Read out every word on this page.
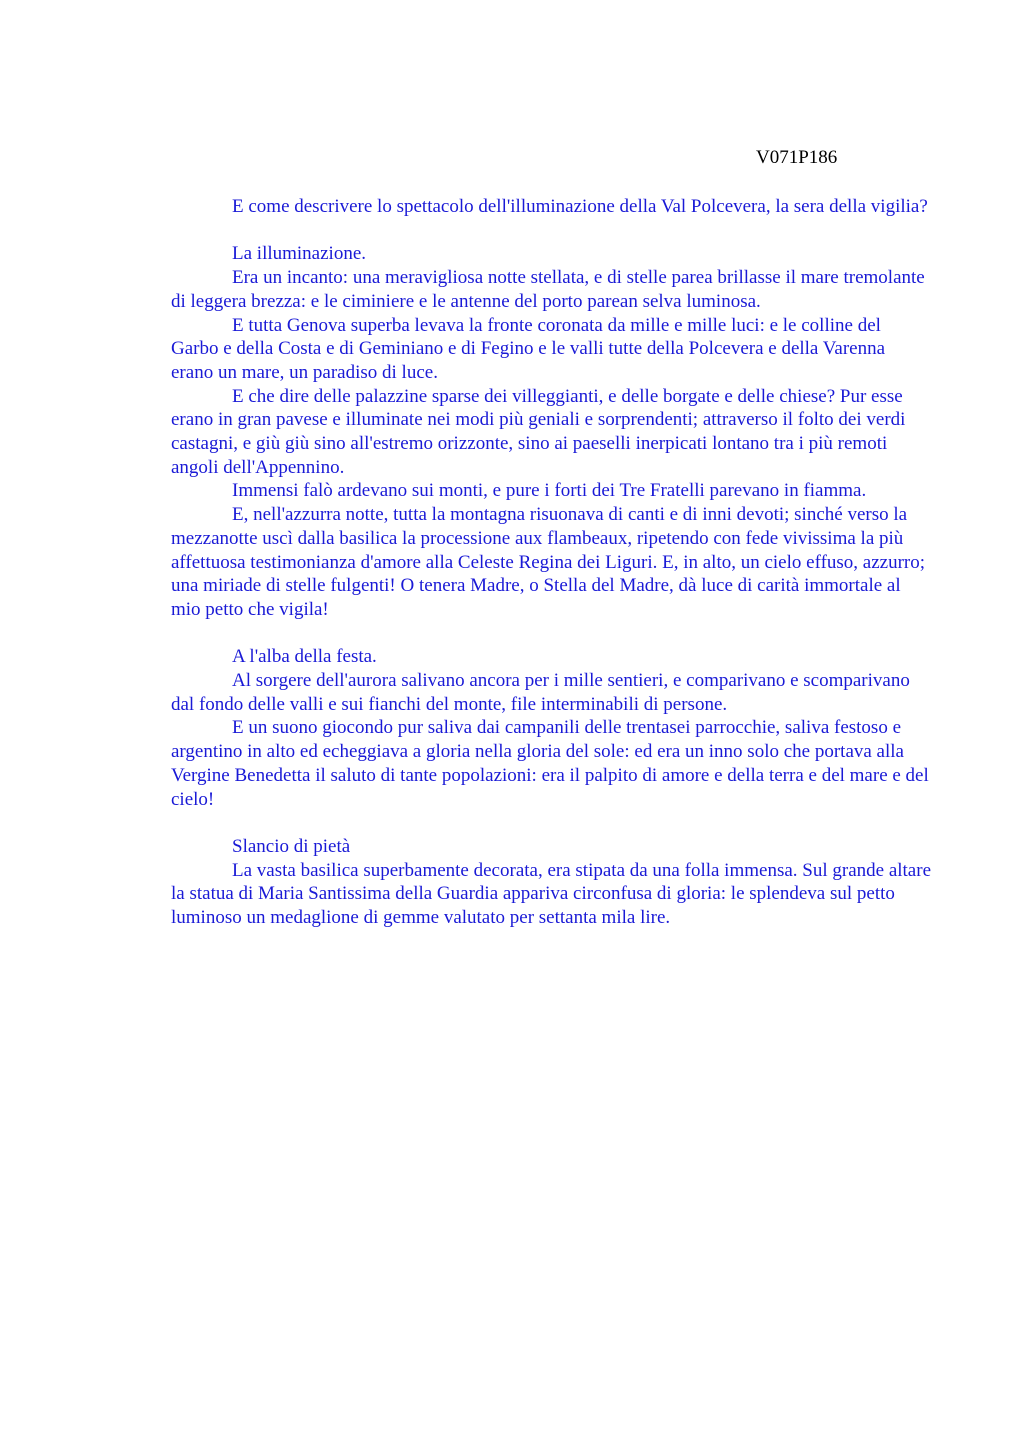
V071P186

E come descrivere lo spettacolo dell'illuminazione della Val Polcevera, la sera della vigilia?

La illuminazione.

Era un incanto: una meravigliosa notte stellata, e di stelle parea brillasse il mare tremolante di leggera brezza: e le ciminiere e le antenne del porto parean selva luminosa.

E tutta Genova superba levava la fronte coronata da mille e mille luci: e le colline del Garbo e della Costa e di Geminiano e di Fegino e le valli tutte della Polcevera e della Varenna erano un mare, un paradiso di luce.

E che dire delle palazzine sparse dei villeggianti, e delle borgate e delle chiese? Pur esse erano in gran pavese e illuminate nei modi più geniali e sorprendenti; attraverso il folto dei verdi castagni, e giù giù sino all'estremo orizzonte, sino ai paeselli inerpicati lontano tra i più remoti angoli dell'Appennino.

Immensi falò ardevano sui monti, e pure i forti dei Tre Fratelli parevano in fiamma.

E, nell'azzurra notte, tutta la montagna risuonava di canti e di inni devoti; sinché verso la mezzanotte uscì dalla basilica la processione aux flambeaux, ripetendo con fede vivissima la più affettuosa testimonianza d'amore alla Celeste Regina dei Liguri. E, in alto, un cielo effuso, azzurro; una miriade di stelle fulgenti! O tenera Madre, o Stella del Madre, dà luce di carità immortale al mio petto che vigila!

A l'alba della festa.

Al sorgere dell'aurora salivano ancora per i mille sentieri, e comparivano e scomparivano dal fondo delle valli e sui fianchi del monte, file interminabili di persone.

E un suono giocondo pur saliva dai campanili delle trentasei parrocchie, saliva festoso e argentino in alto ed echeggiava a gloria nella gloria del sole: ed era un inno solo che portava alla Vergine Benedetta il saluto di tante popolazioni: era il palpito di amore e della terra e del mare e del cielo!

Slancio di pietà

La vasta basilica superbamente decorata, era stipata da una folla immensa. Sul grande altare la statua di Maria Santissima della Guardia appariva circonfusa di gloria: le splendeva sul petto luminoso un medaglione di gemme valutato per settanta mila lire.
